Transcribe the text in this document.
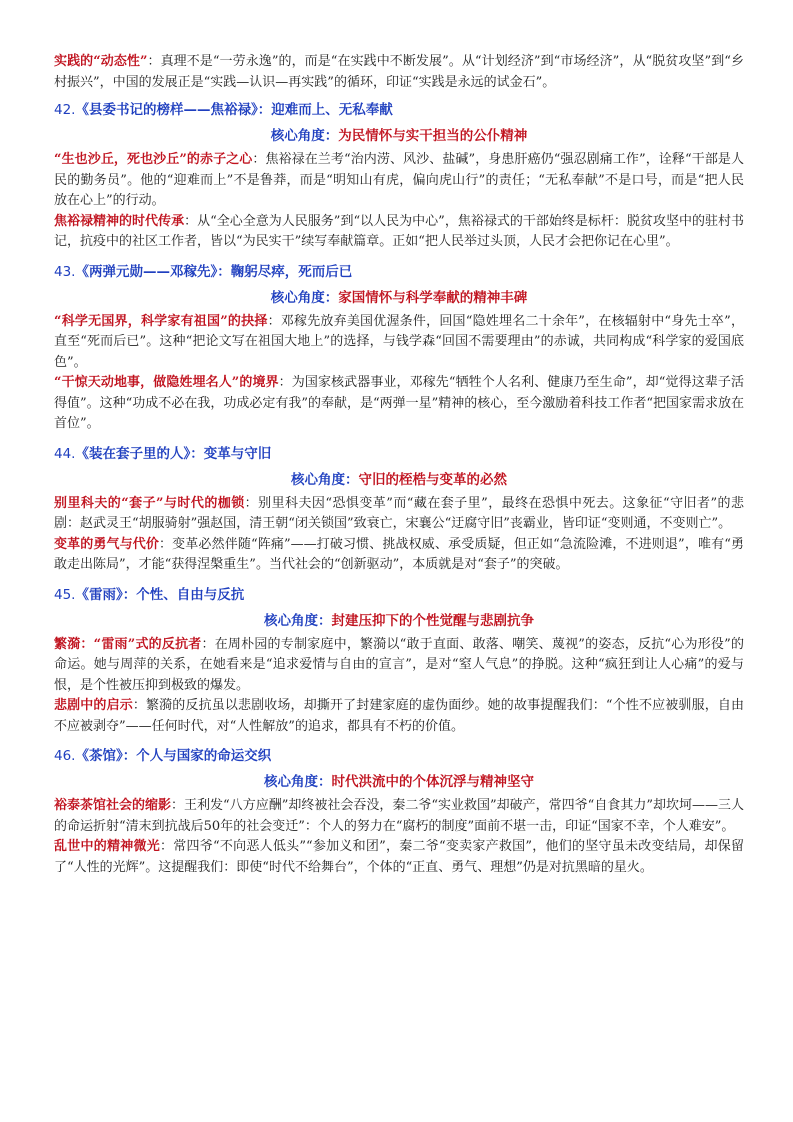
实践的“动态性”：真理不是“一劳永逸”的，而是“在实践中不断发展”。从“计划经济”到“市场经济”，从“脱贫攻坚”到“乡村振兴”，中国的发展正是“实践—认识—再实践”的循环，印证“实践是永远的试金石”。

42.《县委书记的榜样——焦裕禄》：迎难而上、无私奉献
核心角度：为民情怀与实干担当的公仆精神

“生也沙丘，死也沙丘”的赤子之心：焦裕禄在兰考“治内涝、风沙、盐碱”，身患肝癌仍“强忍剧痛工作”，诠释“干部是人民的勤务员”。他的“迎难而上”不是鲁莽，而是“明知山有虎，偏向虎山行”的责任；“无私奉献”不是口号，而是“把人民放在心上”的行动。

焦裕禄精神的时代传承：从“全心全意为人民服务”到“以人民为中心”，焦裕禄式的干部始终是标杆：脱贫攻坚中的驻村书记，抗疫中的社区工作者，皆以“为民实干”续写奉献篇章。正如“把人民举过头顶，人民才会把你记在心里”。

43.《两弹元勋——邓稼先》：鞠躬尽瘁，死而后已
核心角度：家国情怀与科学奉献的精神丰碑

“科学无国界，科学家有祖国”的抉择：邓稼先放弃美国优渥条件，回国“隐姓埋名二十余年”，在核辐射中“身先士卒”，直至“死而后已”。这种“把论文写在祖国大地上”的选择，与钱学森“回国不需要理由”的赤诚，共同构成“科学家的爱国底色”。

“干惊天动地事，做隐姓埋名人”的境界：为国家核武器事业，邓稼先“牺牲个人名利、健康乃至生命”，却“觉得这辈子活得值”。这种“功成不必在我，功成必定有我”的奉献，是“两弹一星”精神的核心，至今激励着科技工作者“把国家需求放在首位”。

44.《装在套子里的人》：变革与守旧
核心角度：守旧的桎梏与变革的必然

别里科夫的“套子”与时代的枷锁：别里科夫因“恐惧变革”而“藏在套子里”，最终在恐惧中死去。这象征“守旧者”的悲剧：赵武灵王“胡服骑射”强赵国，清王朝“闭关锁国”致衰亡，宋襄公“迂腐守旧”丧霸业，皆印证“变则通，不变则亡”。

变革的勇气与代价：变革必然伴随“阵痛”——打破习惯、挑战权威、承受质疑，但正如“急流险滩，不进则退”，唯有“勇敢走出陈局”，才能“获得涅槃重生”。当代社会的“创新驱动”，本质就是对“套子”的突破。

45.《雷雨》：个性、自由与反抗
核心角度：封建压抑下的个性觉醒与悲剧抗争

繁漪：“雷雨”式的反抗者：在周朴园的专制家庭中，繁漪以“敢于直面、敢落、嘲笑、蔑视”的姿态，反抗“心为形役”的命运。她与周萍的关系，在她看来是“追求爱情与自由的宣言”，是对“窒人气息”的挣脱。这种“疯狂到让人心痛”的爱与恨，是个性被压抑到极致的爆发。

悲剧中的启示：繁漪的反抗虽以悲剧收场，却撕开了封建家庭的虚伪面纱。她的故事提醒我们：“个性不应被驯服，自由不应被剥夺”——任何时代，对“人性解放”的追求，都具有不朽的价值。

46.《茶馆》：个人与国家的命运交织
核心角度：时代洪流中的个体沉浮与精神坚守

裕泰茶馆社会的缩影：王利发“八方应酬”却终被社会吞没，秦二爷“实业救国”却破产，常四爷“自食其力”却坎坷——三人的命运折射“清末到抗战后50年的社会变迁”：个人的努力在“腐朽的制度”面前不堪一击，印证“国家不幸，个人难安”。

乱世中的精神微光：常四爷“不向恶人低头”“参加义和团”，秦二爷“变卖家产救国”，他们的坚守虽未改变结局，却保留了“人性的光辉”。这提醒我们：即使“时代不给舞台”，个体的“正直、勇气、理想”仍是对抗黑暗的星火。
